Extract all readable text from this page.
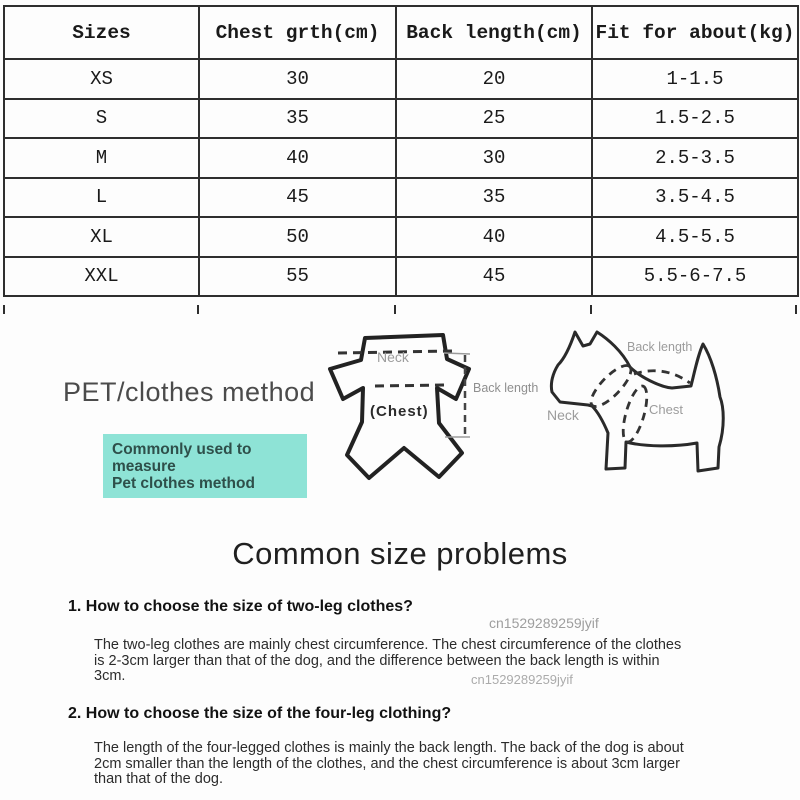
Sizes	Chest grth(cm)	Back length(cm)	Fit for about(kg)
XS	30	20	1-1.5
S	35	25	1.5-2.5
M	40	30	2.5-3.5
L	45	35	3.5-4.5
XL	50	40	4.5-5.5
XXL	55	45	5.5-6-7.5
PET/clothes method
Commonly used to measure
Pet clothes method
Neck
(Chest)
Back length
Back length
Neck	Chest
Common size problems
1. How to choose the size of two-leg clothes?
cn1529289259jyif
The two-leg clothes are mainly chest circumference. The chest circumference of the clothes is 2-3cm larger than that of the dog, and the difference between the back length is within 3cm.	cn1529289259jyif
2. How to choose the size of the four-leg clothing?
The length of the four-legged clothes is mainly the back length. The back of the dog is about 2cm smaller than the length of the clothes, and the chest circumference is about 3cm larger than that of the dog.
